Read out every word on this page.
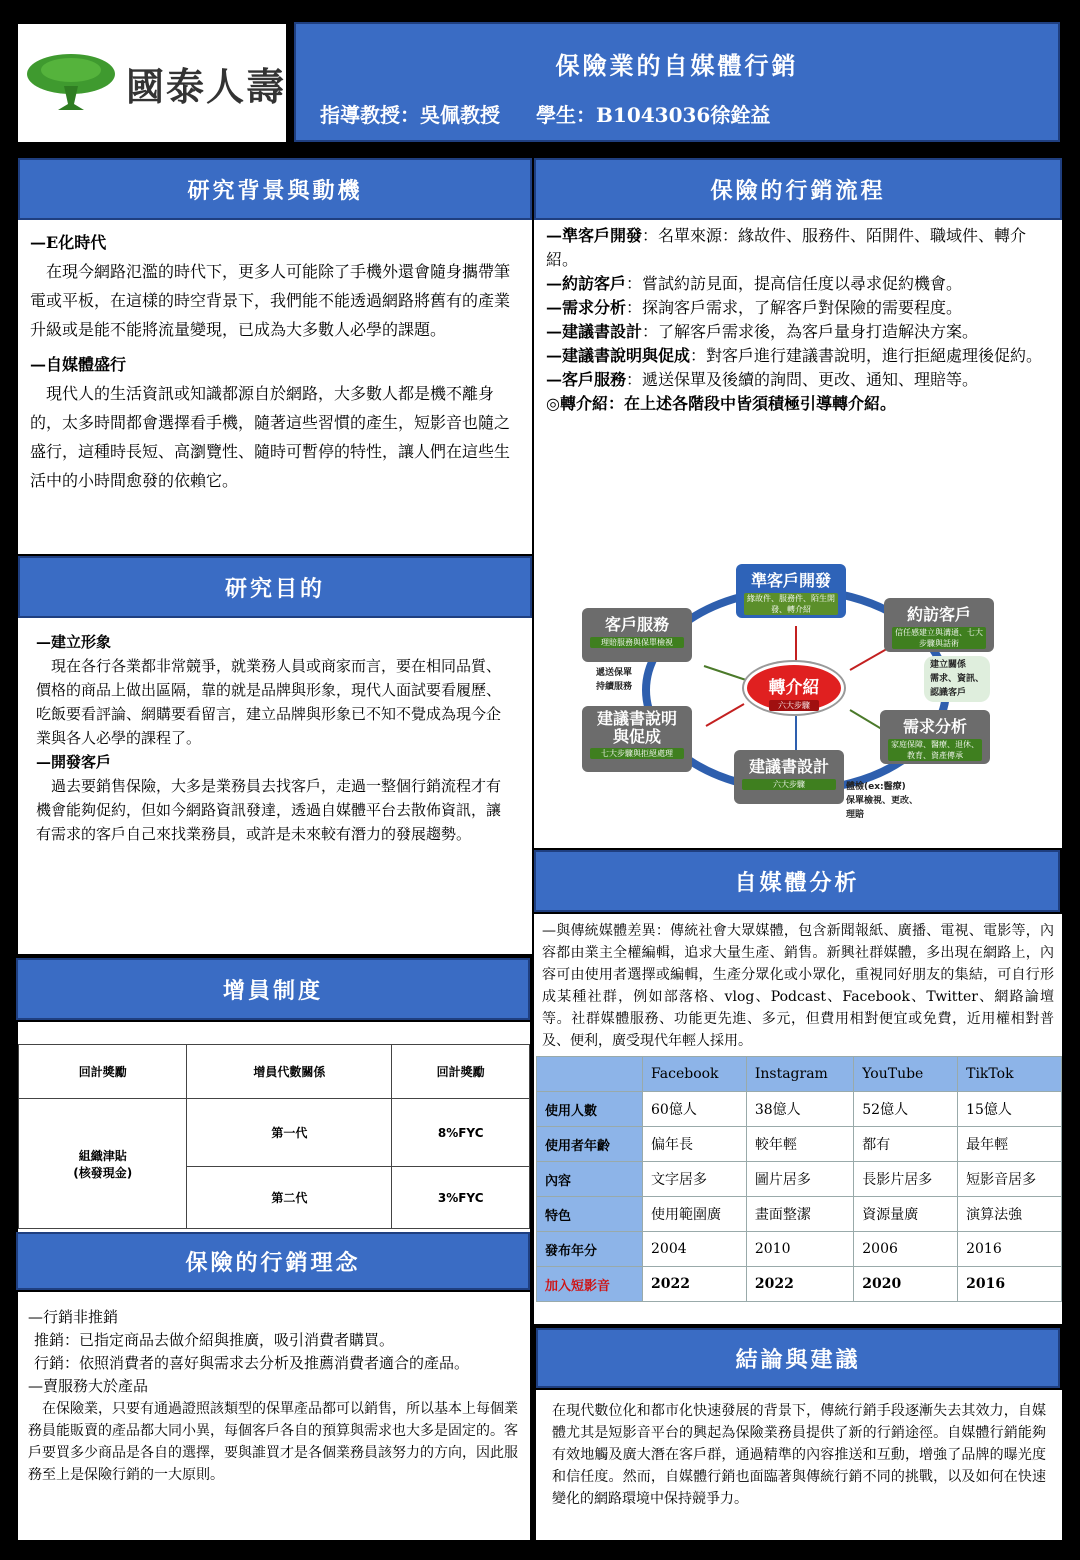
國泰人壽	保險業的自媒體行銷
指導教授：吳佩教授 學生：B1043036徐銓益
研究背景與動機
—E化時代

在現今網路氾濫的時代下，更多人可能除了手機外還會隨身攜帶筆電或平板，在這樣的時空背景下，我們能不能透過網路將舊有的產業升級或是能不能將流量變現，已成為大多數人必學的課題。

—自媒體盛行

現代人的生活資訊或知識都源自於網路，大多數人都是機不離身的，太多時間都會選擇看手機，隨著這些習慣的產生，短影音也隨之盛行，這種時長短、高瀏覽性、隨時可暫停的特性，讓人們在這些生活中的小時間愈發的依賴它。

研究目的
—建立形象

現在各行各業都非常競爭，就業務人員或商家而言，要在相同品質、價格的商品上做出區隔，靠的就是品牌與形象，現代人面試要看履歷、吃飯要看評論、網購要看留言，建立品牌與形象已不知不覺成為現今企業與各人必學的課程了。

—開發客戶

過去要銷售保險，大多是業務員去找客戶，走過一整個行銷流程才有機會能夠促約，但如今網路資訊發達，透過自媒體平台去散佈資訊，讓有需求的客戶自己來找業務員，或許是未來較有潛力的發展趨勢。

增員制度
回計獎勵	增員代數關係	回計獎勵
組織津貼
(核發現金)	第一代	8%FYC
	第二代	3%FYC
保險的行銷理念
—行銷非推銷
推銷：已指定商品去做介紹與推廣，吸引消費者購買。
行銷：依照消費者的喜好與需求去分析及推薦消費者適合的產品。
—賣服務大於產品

在保險業，只要有通過證照該類型的保單產品都可以銷售，所以基本上每個業務員能販賣的產品都大同小異，每個客戶各自的預算與需求也大多是固定的。客戶要買多少商品是各自的選擇，要與誰買才是各個業務員該努力的方向，因此服務至上是保險行銷的一大原則。

保險的行銷流程
—準客戶開發：名單來源：緣故件、服務件、陌開件、職域件、轉介紹。
—約訪客戶：嘗試約訪見面，提高信任度以尋求促約機會。
—需求分析：探詢客戶需求，了解客戶對保險的需要程度。
—建議書設計：了解客戶需求後，為客戶量身打造解決方案。
—建議書說明與促成：對客戶進行建議書說明，進行拒絕處理後促約。
—客戶服務：遞送保單及後續的詢問、更改、通知、理賠等。
◎轉介紹：在上述各階段中皆須積極引導轉介紹。
轉介紹
六大步驟
準客戶開發
緣故件、服務件、陌生開發、轉介紹	約訪客戶
信任感建立與溝通、七大步驟與話術
需求分析
家庭保障、醫療、退休、教育、資產傳承
建議書設計
六大步驟
建議書說明
與促成
七大步驟與拒絕處理
客戶服務
理賠服務與保單檢視
遞送保單
持續服務
建立關係
需求、資訊、
認識客戶
體檢(ex:醫療)
保單檢視、更改、
理賠
自媒體分析
—與傳統媒體差異：傳統社會大眾媒體，包含新聞報紙、廣播、電視、電影等，內容都由業主全權編輯，追求大量生產、銷售。新興社群媒體，多出現在網路上，內容可由使用者選擇或編輯，生產分眾化或小眾化，重視同好朋友的集結，可自行形成某種社群，例如部落格、vlog、Podcast、Facebook、Twitter、網路論壇等。社群媒體服務、功能更先進、多元，但費用相對便宜或免費，近用權相對普及、便利，廣受現代年輕人採用。
	Facebook	Instagram	YouTube	TikTok
使用人數	60億人	38億人	52億人	15億人
使用者年齡	偏年長	較年輕	都有	最年輕
內容	文字居多	圖片居多	長影片居多	短影音居多
特色	使用範圍廣	畫面整潔	資源量廣	演算法強
發布年分	2004	2010	2006	2016
加入短影音	2022	2022	2020	2016
結論與建議
在現代數位化和都市化快速發展的背景下，傳統行銷手段逐漸失去其效力，自媒體尤其是短影音平台的興起為保險業務員提供了新的行銷途徑。自媒體行銷能夠有效地觸及廣大潛在客戶群，通過精準的內容推送和互動，增強了品牌的曝光度和信任度。然而，自媒體行銷也面臨著與傳統行銷不同的挑戰，以及如何在快速變化的網路環境中保持競爭力。
